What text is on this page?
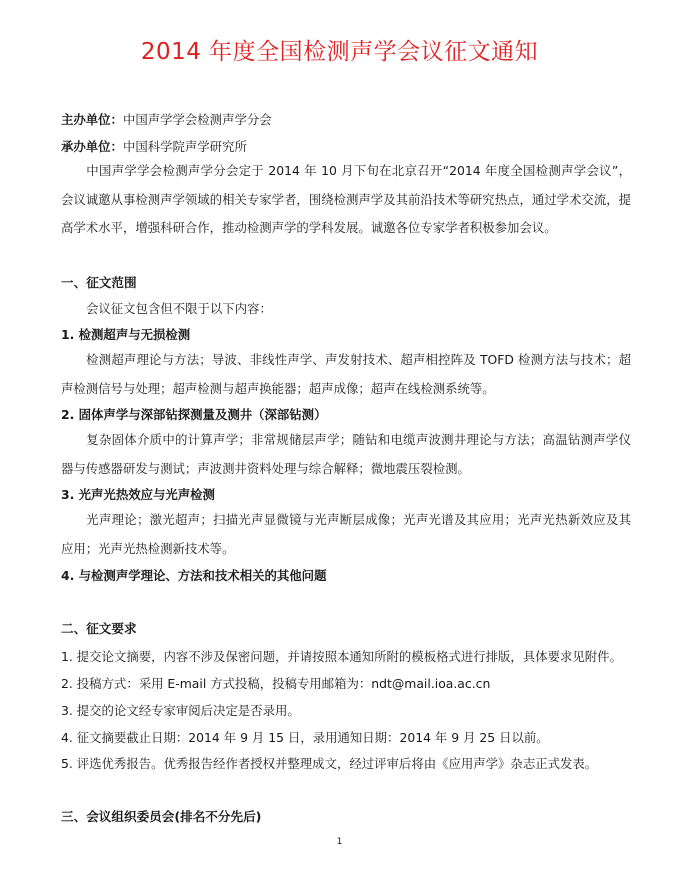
2014 年度全国检测声学会议征文通知
主办单位：中国声学学会检测声学分会
承办单位：中国科学院声学研究所
中国声学学会检测声学分会定于 2014 年 10 月下旬在北京召开“2014 年度全国检测声学会议”，会议诚邀从事检测声学领域的相关专家学者，围绕检测声学及其前沿技术等研究热点，通过学术交流，提高学术水平，增强科研合作，推动检测声学的学科发展。诚邀各位专家学者积极参加会议。
一、征文范围
会议征文包含但不限于以下内容：
1. 检测超声与无损检测
检测超声理论与方法；导波、非线性声学、声发射技术、超声相控阵及 TOFD 检测方法与技术；超声检测信号与处理；超声检测与超声换能器；超声成像；超声在线检测系统等。
2. 固体声学与深部钻探测量及测井（深部钻测）
复杂固体介质中的计算声学；非常规储层声学；随钻和电缆声波测井理论与方法；高温钻测声学仪器与传感器研发与测试；声波测井资料处理与综合解释；微地震压裂检测。
3. 光声光热效应与光声检测
光声理论；激光超声；扫描光声显微镜与光声断层成像；光声光谱及其应用；光声光热新效应及其应用；光声光热检测新技术等。
4. 与检测声学理论、方法和技术相关的其他问题
二、征文要求
1. 提交论文摘要，内容不涉及保密问题，并请按照本通知所附的模板格式进行排版，具体要求见附件。
2. 投稿方式：采用 E-mail 方式投稿，投稿专用邮箱为：ndt@mail.ioa.ac.cn
3. 提交的论文经专家审阅后决定是否录用。
4. 征文摘要截止日期：2014 年 9 月 15 日，录用通知日期：2014 年 9 月 25 日以前。
5. 评选优秀报告。优秀报告经作者授权并整理成文，经过评审后将由《应用声学》杂志正式发表。
三、会议组织委员会(排名不分先后)
1
